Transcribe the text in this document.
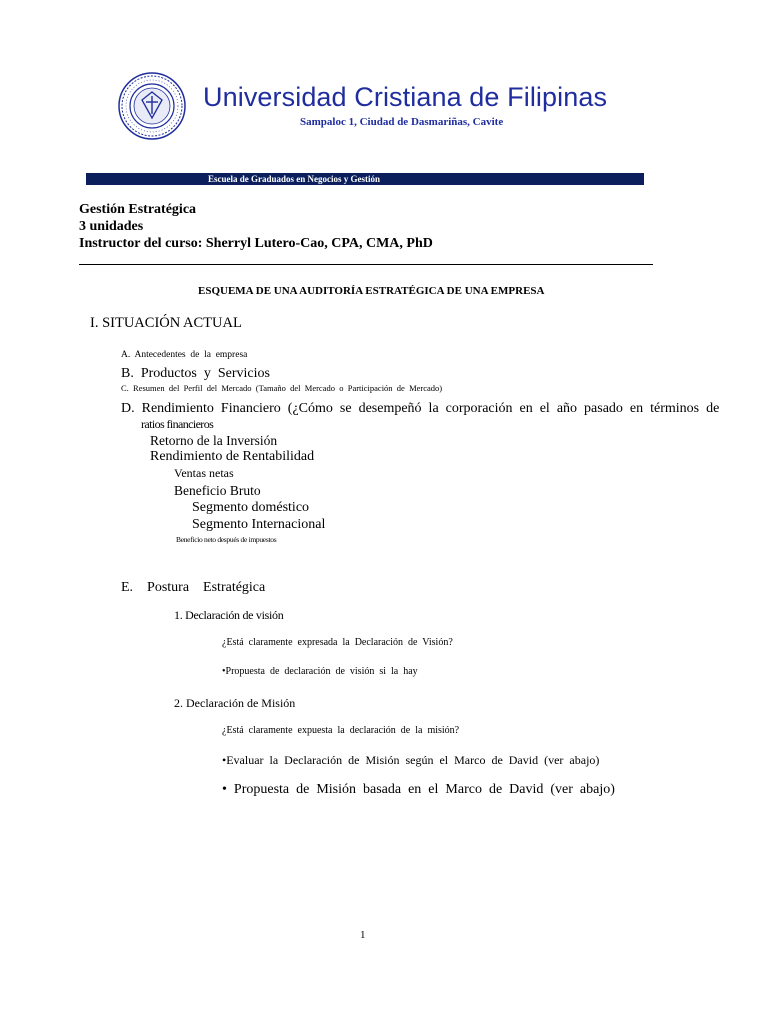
Universidad Cristiana de Filipinas
Sampaloc 1, Ciudad de Dasmariñas, Cavite
Escuela de Graduados en Negocios y Gestión
Gestión Estratégica
3 unidades
Instructor del curso: Sherryl Lutero-Cao, CPA, CMA, PhD
ESQUEMA DE UNA AUDITORÍA ESTRATÉGICA DE UNA EMPRESA
I. SITUACIÓN ACTUAL
A.  Antecedentes  de  la  empresa
B.  Productos  y  Servicios
C.  Resumen  del  Perfil  del  Mercado  (Tamaño  del  Mercado  o  Participación  de  Mercado)
D.  Rendimiento  Financiero  (¿Cómo  se  desempeñó  la  corporación  en  el  año  pasado  en  términos  de
ratios financieros
Retorno de la Inversión
Rendimiento de Rentabilidad
Ventas netas
Beneficio Bruto
Segmento doméstico
Segmento Internacional
Beneficio neto después de impuestos
E.    Postura    Estratégica
1. Declaración de visión
¿Está  claramente  expresada  la  Declaración  de  Visión?
•Propuesta  de  declaración  de  visión  si  la  hay
2. Declaración de Misión
¿Está  claramente  expuesta  la  declaración  de  la  misión?
•Evaluar  la  Declaración  de  Misión  según  el  Marco  de  David  (ver  abajo)
•  Propuesta  de  Misión  basada  en  el  Marco  de  David  (ver  abajo)
1
